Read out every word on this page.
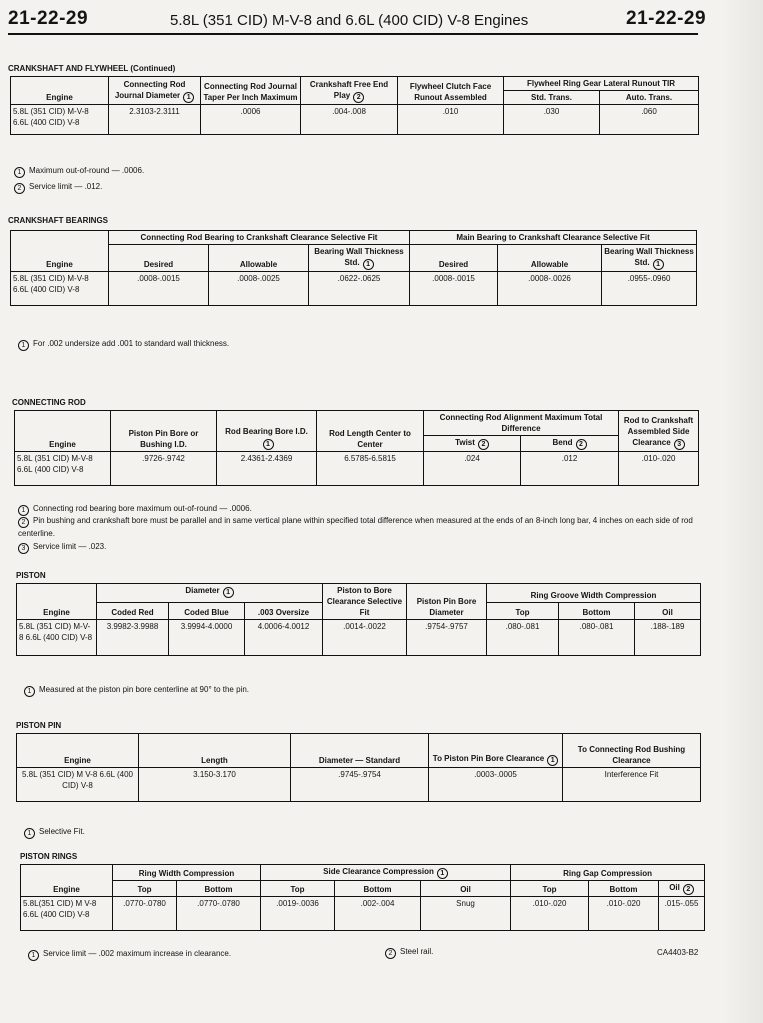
21-22-29	5.8L (351 CID) M-V-8 and 6.6L (400 CID) V-8 Engines	21-22-29
CRANKSHAFT AND FLYWHEEL (Continued)
Engine	Connecting Rod Journal Diameter 1	Connecting Rod Journal Taper Per Inch Maximum	Crankshaft Free End Play 2	Flywheel Clutch Face Runout Assembled	Flywheel Ring Gear Lateral Runout TIR	
					Std. Trans.	Auto. Trans.
5.8L (351 CID) M-V-8 6.6L (400 CID) V-8	2.3103-2.3111	.0006	.004-.008	.010	.030	.060
1 Maximum out-of-round — .0006.
2 Service limit — .012.
CRANKSHAFT BEARINGS
Engine	Connecting Rod Bearing to Crankshaft Clearance Selective Fit			Main Bearing to Crankshaft Clearance Selective Fit		
	Desired	Allowable	Bearing Wall Thickness Std. 1	Desired	Allowable	Bearing Wall Thickness Std. 1
5.8L (351 CID) M-V-8 6.6L (400 CID) V-8	.0008-.0015	.0008-.0025	.0622-.0625	.0008-.0015	.0008-.0026	.0955-.0960
1 For .002 undersize add .001 to standard wall thickness.
CONNECTING ROD
Engine	Piston Pin Bore or Bushing I.D.	Rod Bearing Bore I.D.1	Rod Length Center to Center	Connecting Rod Alignment Maximum Total Difference		Rod to Crankshaft Assembled Side Clearance 3
				Twist 2	Bend 2	
5.8L (351 CID) M-V-8 6.6L (400 CID) V-8	.9726-.9742	2.4361-2.4369	6.5785-6.5815	.024	.012	.010-.020
1 Connecting rod bearing bore maximum out-of-round — .0006.
2 Pin bushing and crankshaft bore must be parallel and in same vertical plane within specified total difference when measured at the ends of an 8-inch long bar, 4 inches on each side of rod centerline.
3 Service limit — .023.
PISTON
Engine	Diameter 1			Piston to Bore Clearance Selective Fit	Piston Pin Bore Diameter	Ring Groove Width Compression		
	Coded Red	Coded Blue	.003 Oversize			Top	Bottom	Oil
5.8L (351 CID) M-V-8 6.6L (400 CID) V-8	3.9982-3.9988	3.9994-4.0000	4.0006-4.0012	.0014-.0022	.9754-.9757	.080-.081	.080-.081	.188-.189
1 Measured at the piston pin bore centerline at 90° to the pin.
PISTON PIN
Engine	Length	Diameter — Standard	To Piston Pin Bore Clearance 1	To Connecting Rod Bushing Clearance
5.8L (351 CID) M V-8 6.6L (400 CID) V-8	3.150-3.170	.9745-.9754	.0003-.0005	Interference Fit
1 Selective Fit.
PISTON RINGS
Engine	Ring Width Compression		Side Clearance Compression 1			Ring Gap Compression		
	Top	Bottom	Top	Bottom	Oil	Top	Bottom	Oil 2
5.8L(351 CID) M V-8 6.6L (400 CID) V-8	.0770-.0780	.0770-.0780	.0019-.0036	.002-.004	Snug	.010-.020	.010-.020	.015-.055
1 Service limit — .002 maximum increase in clearance.	2 Steel rail.	CA4403-B2
